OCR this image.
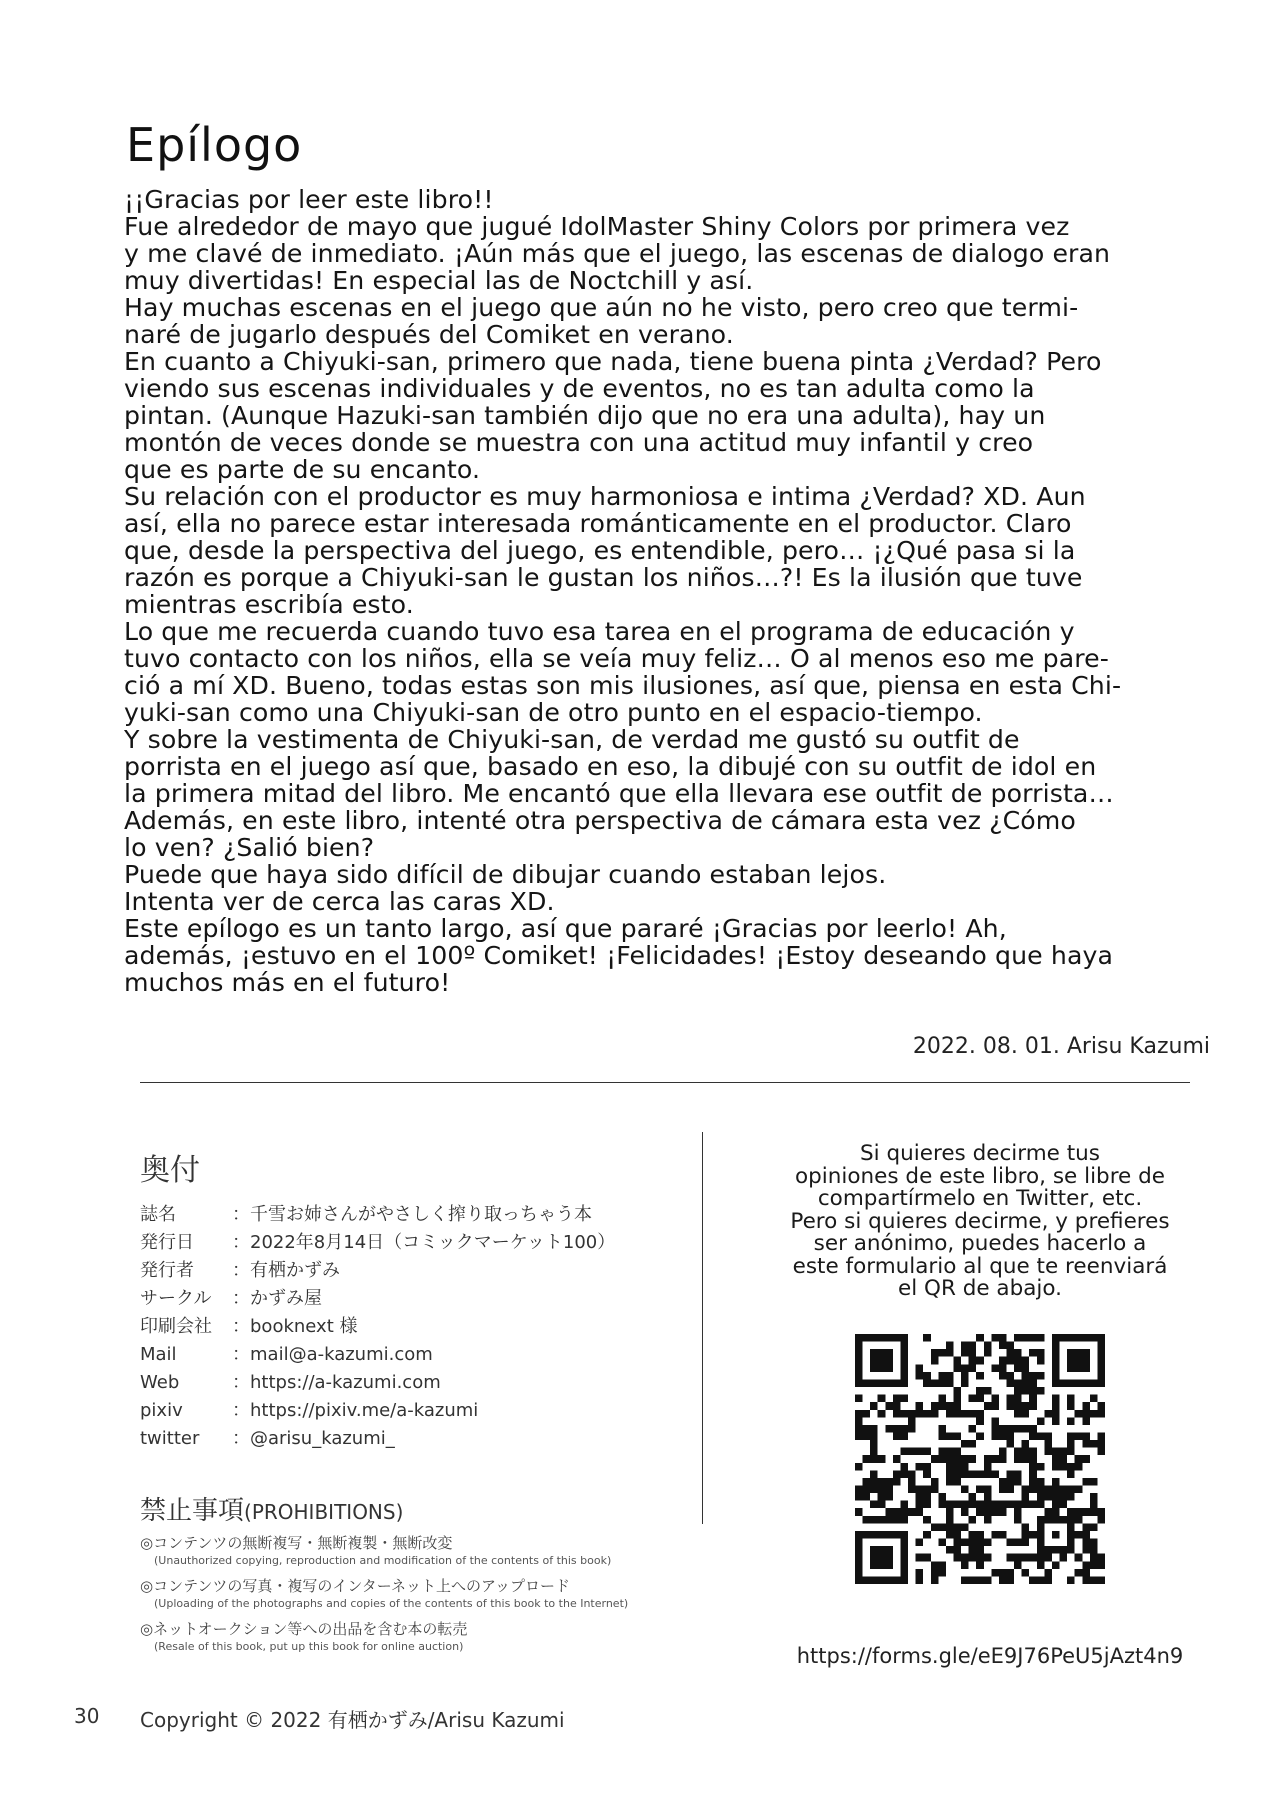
Epílogo

¡¡Gracias por leer este libro!!

Fue alrededor de mayo que jugué IdolMaster Shiny Colors por primera vez

y me clavé de inmediato. ¡Aún más que el juego, las escenas de dialogo eran

muy divertidas! En especial las de Noctchill y así.

Hay muchas escenas en el juego que aún no he visto, pero creo que termi-

naré de jugarlo después del Comiket en verano.

En cuanto a Chiyuki-san, primero que nada, tiene buena pinta ¿Verdad? Pero

viendo sus escenas individuales y de eventos, no es tan adulta como la

pintan. (Aunque Hazuki-san también dijo que no era una adulta), hay un

montón de veces donde se muestra con una actitud muy infantil y creo

que es parte de su encanto.

Su relación con el productor es muy harmoniosa e intima ¿Verdad? XD. Aun

así, ella no parece estar interesada románticamente en el productor. Claro

que, desde la perspectiva del juego, es entendible, pero… ¡¿Qué pasa si la

razón es porque a Chiyuki-san le gustan los niños…?! Es la ilusión que tuve

mientras escribía esto.

Lo que me recuerda cuando tuvo esa tarea en el programa de educación y

tuvo contacto con los niños, ella se veía muy feliz… O al menos eso me pare-

ció a mí XD. Bueno, todas estas son mis ilusiones, así que, piensa en esta Chi-

yuki-san como una Chiyuki-san de otro punto en el espacio-tiempo.

Y sobre la vestimenta de Chiyuki-san, de verdad me gustó su outfit de

porrista en el juego así que, basado en eso, la dibujé con su outfit de idol en

la primera mitad del libro. Me encantó que ella llevara ese outfit de porrista…

Además, en este libro, intenté otra perspectiva de cámara esta vez ¿Cómo

lo ven? ¿Salió bien?

Puede que haya sido difícil de dibujar cuando estaban lejos.

Intenta ver de cerca las caras XD.

Este epílogo es un tanto largo, así que pararé ¡Gracias por leerlo! Ah,

además, ¡estuvo en el 100º Comiket! ¡Felicidades! ¡Estoy deseando que haya

muchos más en el futuro!

2022. 08. 01. Arisu Kazumi
奥付
誌名	： 千雪お姉さんがやさしく搾り取っちゃう本
発行日	： 2022年8月14日（コミックマーケット100）
発行者	： 有栖かずみ
サークル	： かずみ屋
印刷会社	： booknext 様
Mail	： mail@a-kazumi.com
Web	： https://a-kazumi.com
pixiv	： https://pixiv.me/a-kazumi
twitter	： @arisu_kazumi_
禁止事項(PROHIBITIONS)
◎コンテンツの無断複写・無断複製・無断改変
(Unauthorized copying, reproduction and modification of the contents of this book)
◎コンテンツの写真・複写のインターネット上へのアップロード
(Uploading of the photographs and copies of the contents of this book to the Internet)
◎ネットオークション等への出品を含む本の転売
(Resale of this book, put up this book for online auction)
Si quieres decirme tus
opiniones de este libro, se libre de
compartírmelo en Twitter, etc.
Pero si quieres decirme, y prefieres
ser anónimo, puedes hacerlo a
este formulario al que te reenviará
el QR de abajo.
https://forms.gle/eE9J76PeU5jAzt4n9
30 Copyright © 2022 有栖かずみ/Arisu Kazumi
